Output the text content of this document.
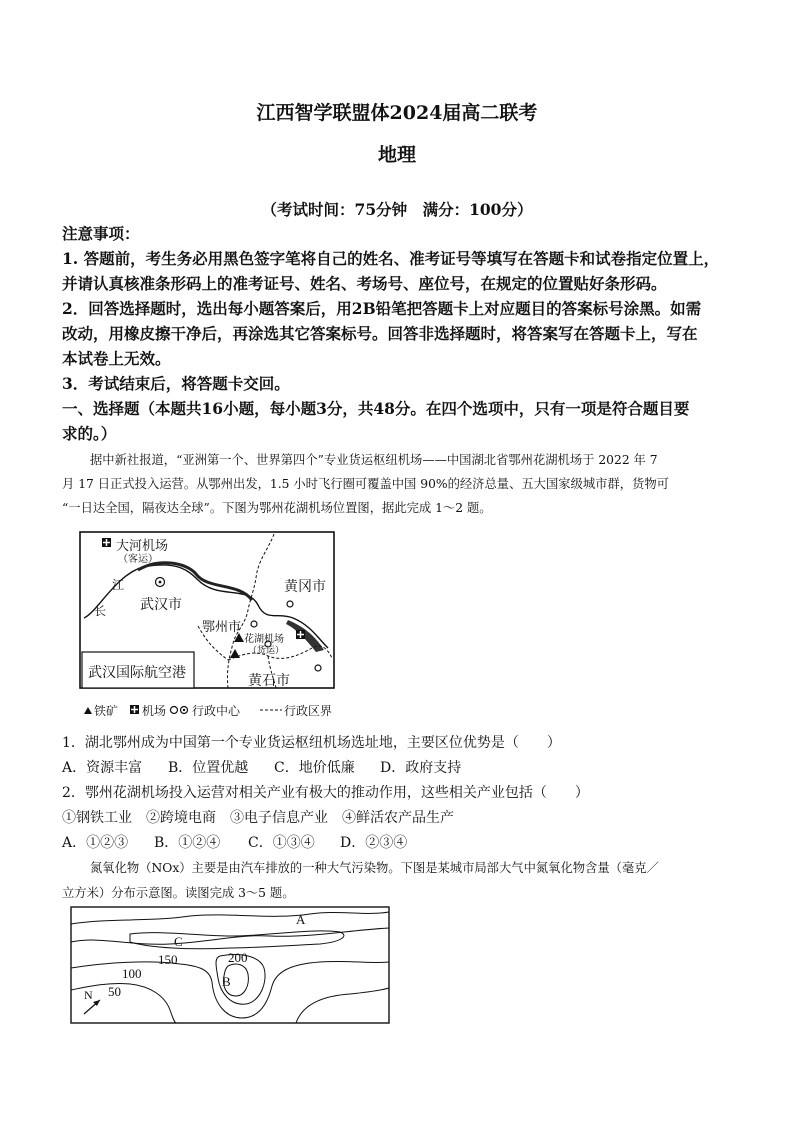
江西智学联盟体2024届高二联考
地理
（考试时间：75分钟　满分：100分）
注意事项：
1. 答题前，考生务必用黑色签字笔将自己的姓名、准考证号等填写在答题卡和试卷指定位置上，
并请认真核准条形码上的准考证号、姓名、考场号、座位号，在规定的位置贴好条形码。
2．回答选择题时，选出每小题答案后，用2B铅笔把答题卡上对应题目的答案标号涂黑。如需
改动，用橡皮擦干净后，再涂选其它答案标号。回答非选择题时，将答案写在答题卡上，写在
本试卷上无效。
3．考试结束后，将答题卡交回。
一、选择题（本题共16小题，每小题3分，共48分。在四个选项中，只有一项是符合题目要
求的。）
据中新社报道，“亚洲第一个、世界第四个”专业货运枢纽机场——中国湖北省鄂州花湖机场于 2022 年 7
月 17 日正式投入运营。从鄂州出发，1.5 小时飞行圈可覆盖中国 90%的经济总量、五大国家级城市群，货物可
“一日达全国，隔夜达全球”。下图为鄂州花湖机场位置图，据此完成 1～2 题。
大河机场
（客运）
江
长 武汉市
黄冈市
鄂州市
花湖机场
（货运）
黄石市
武汉国际航空港
铁矿 机场 行政中心	行政区界
1．湖北鄂州成为中国第一个专业货运枢纽机场选址地，主要区位优势是（　　）
A．资源丰富 B．位置优越 C．地价低廉 D．政府支持
2．鄂州花湖机场投入运营对相关产业有极大的推动作用，这些相关产业包括（　　）
①钢铁工业　②跨境电商　③电子信息产业　④鲜活农产品生产
A．①②③ B．①②④ C．①③④ D．②③④
氮氧化物（NOx）主要是由汽车排放的一种大气污染物。下图是某城市局部大气中氮氧化物含量（毫克／
立方米）分布示意图。读图完成 3～5 题。
A
C
150	200
B
100
50
N
